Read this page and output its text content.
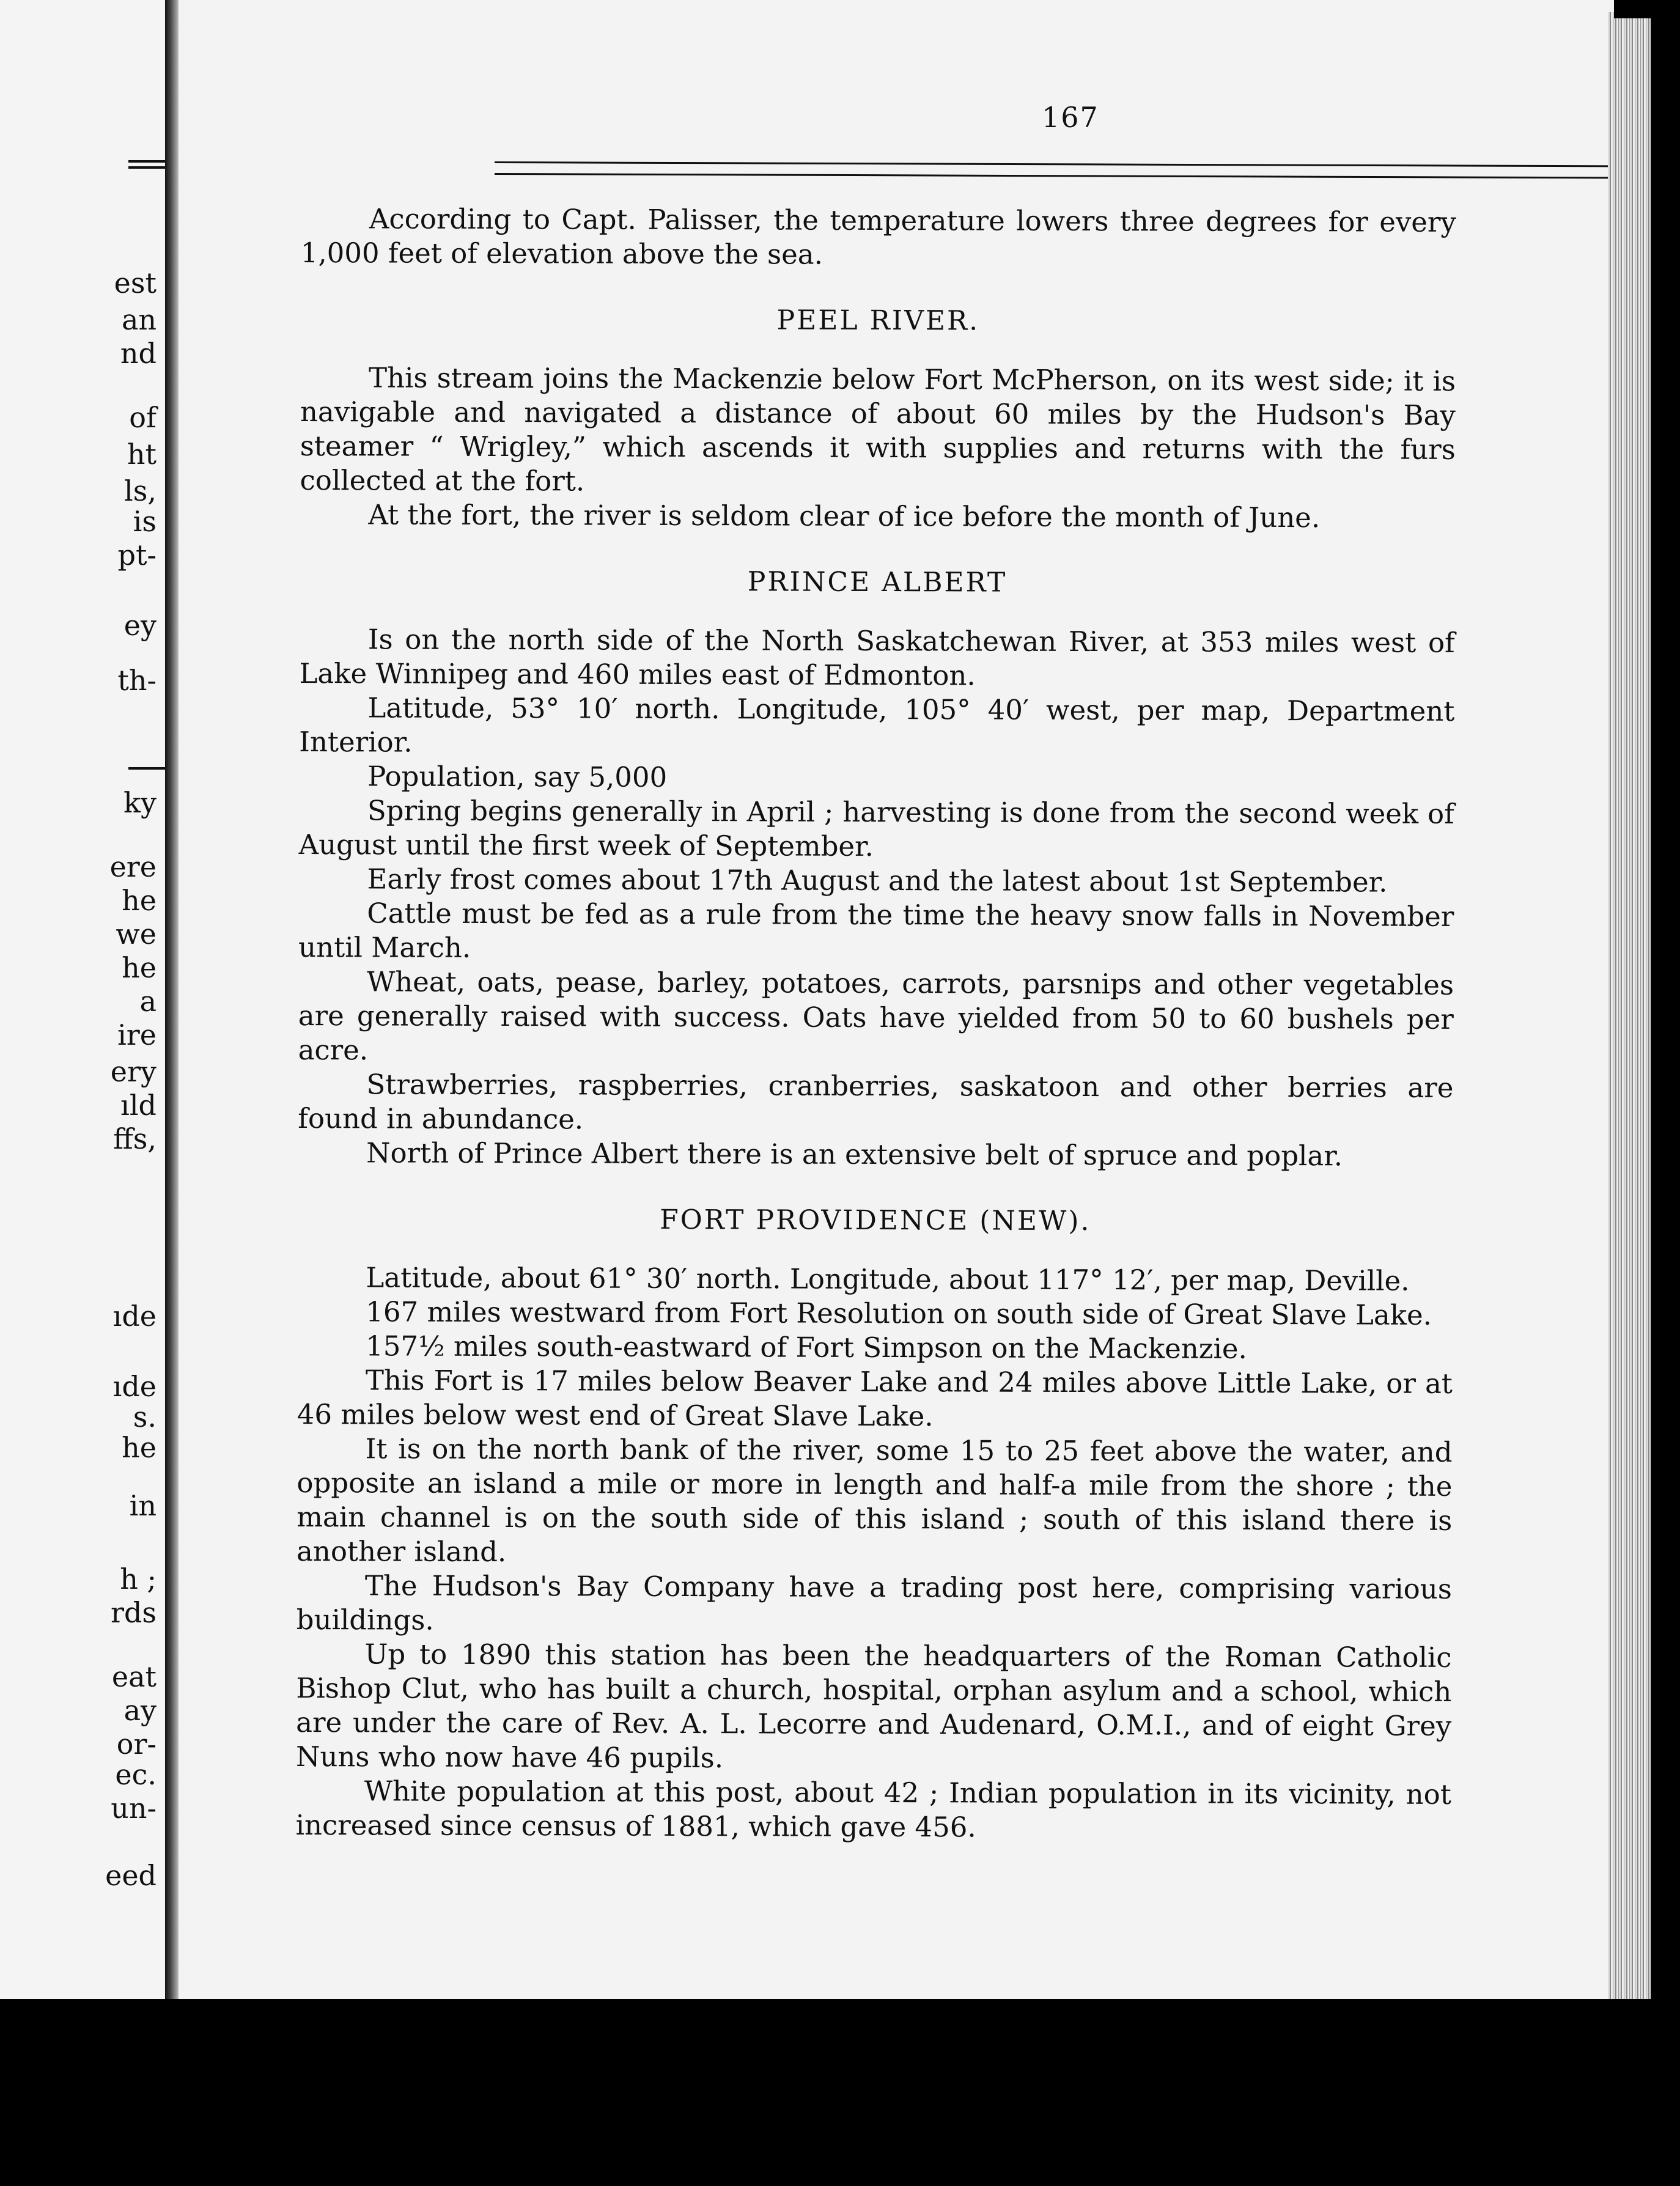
est
an
nd
of
ht
ls,
is
pt-
ey
th-
ky
ere
he
we
he
a
ire
ery
ıld
ffs,
ıde
ıde
s.
he
in
h ;
rds
eat
ay
or-
ec.
un-
eed
167

According to Capt. Palisser, the temperature lowers three degrees for every 1,000 feet of elevation above the sea.

PEEL RIVER.

This stream joins the Mackenzie below Fort McPherson, on its west side; it is navigable and navigated a distance of about 60 miles by the Hudson's Bay steamer “ Wrigley,” which ascends it with supplies and returns with the furs collected at the fort.

At the fort, the river is seldom clear of ice before the month of June.

PRINCE ALBERT

Is on the north side of the North Saskatchewan River, at 353 miles west of Lake Winnipeg and 460 miles east of Edmonton.

Latitude, 53° 10′ north. Longitude, 105° 40′ west, per map, Department Interior.

Population, say 5,000

Spring begins generally in April ; harvesting is done from the second week of August until the first week of September.

Early frost comes about 17th August and the latest about 1st September.

Cattle must be fed as a rule from the time the heavy snow falls in November until March.

Wheat, oats, pease, barley, potatoes, carrots, parsnips and other vegetables are generally raised with success. Oats have yielded from 50 to 60 bushels per acre.

Strawberries, raspberries, cranberries, saskatoon and other berries are found in abundance.

North of Prince Albert there is an extensive belt of spruce and poplar.

FORT PROVIDENCE (NEW).

Latitude, about 61° 30′ north. Longitude, about 117° 12′, per map, Deville.

167 miles westward from Fort Resolution on south side of Great Slave Lake.

157½ miles south-eastward of Fort Simpson on the Mackenzie.

This Fort is 17 miles below Beaver Lake and 24 miles above Little Lake, or at 46 miles below west end of Great Slave Lake.

It is on the north bank of the river, some 15 to 25 feet above the water, and opposite an island a mile or more in length and half-a mile from the shore ; the main channel is on the south side of this island ; south of this island there is another island.

The Hudson's Bay Company have a trading post here, comprising various buildings.

Up to 1890 this station has been the headquarters of the Roman Catholic Bishop Clut, who has built a church, hospital, orphan asylum and a school, which are under the care of Rev. A. L. Lecorre and Audenard, O.M.I., and of eight Grey Nuns who now have 46 pupils.

White population at this post, about 42 ; Indian population in its vicinity, not increased since census of 1881, which gave 456.
